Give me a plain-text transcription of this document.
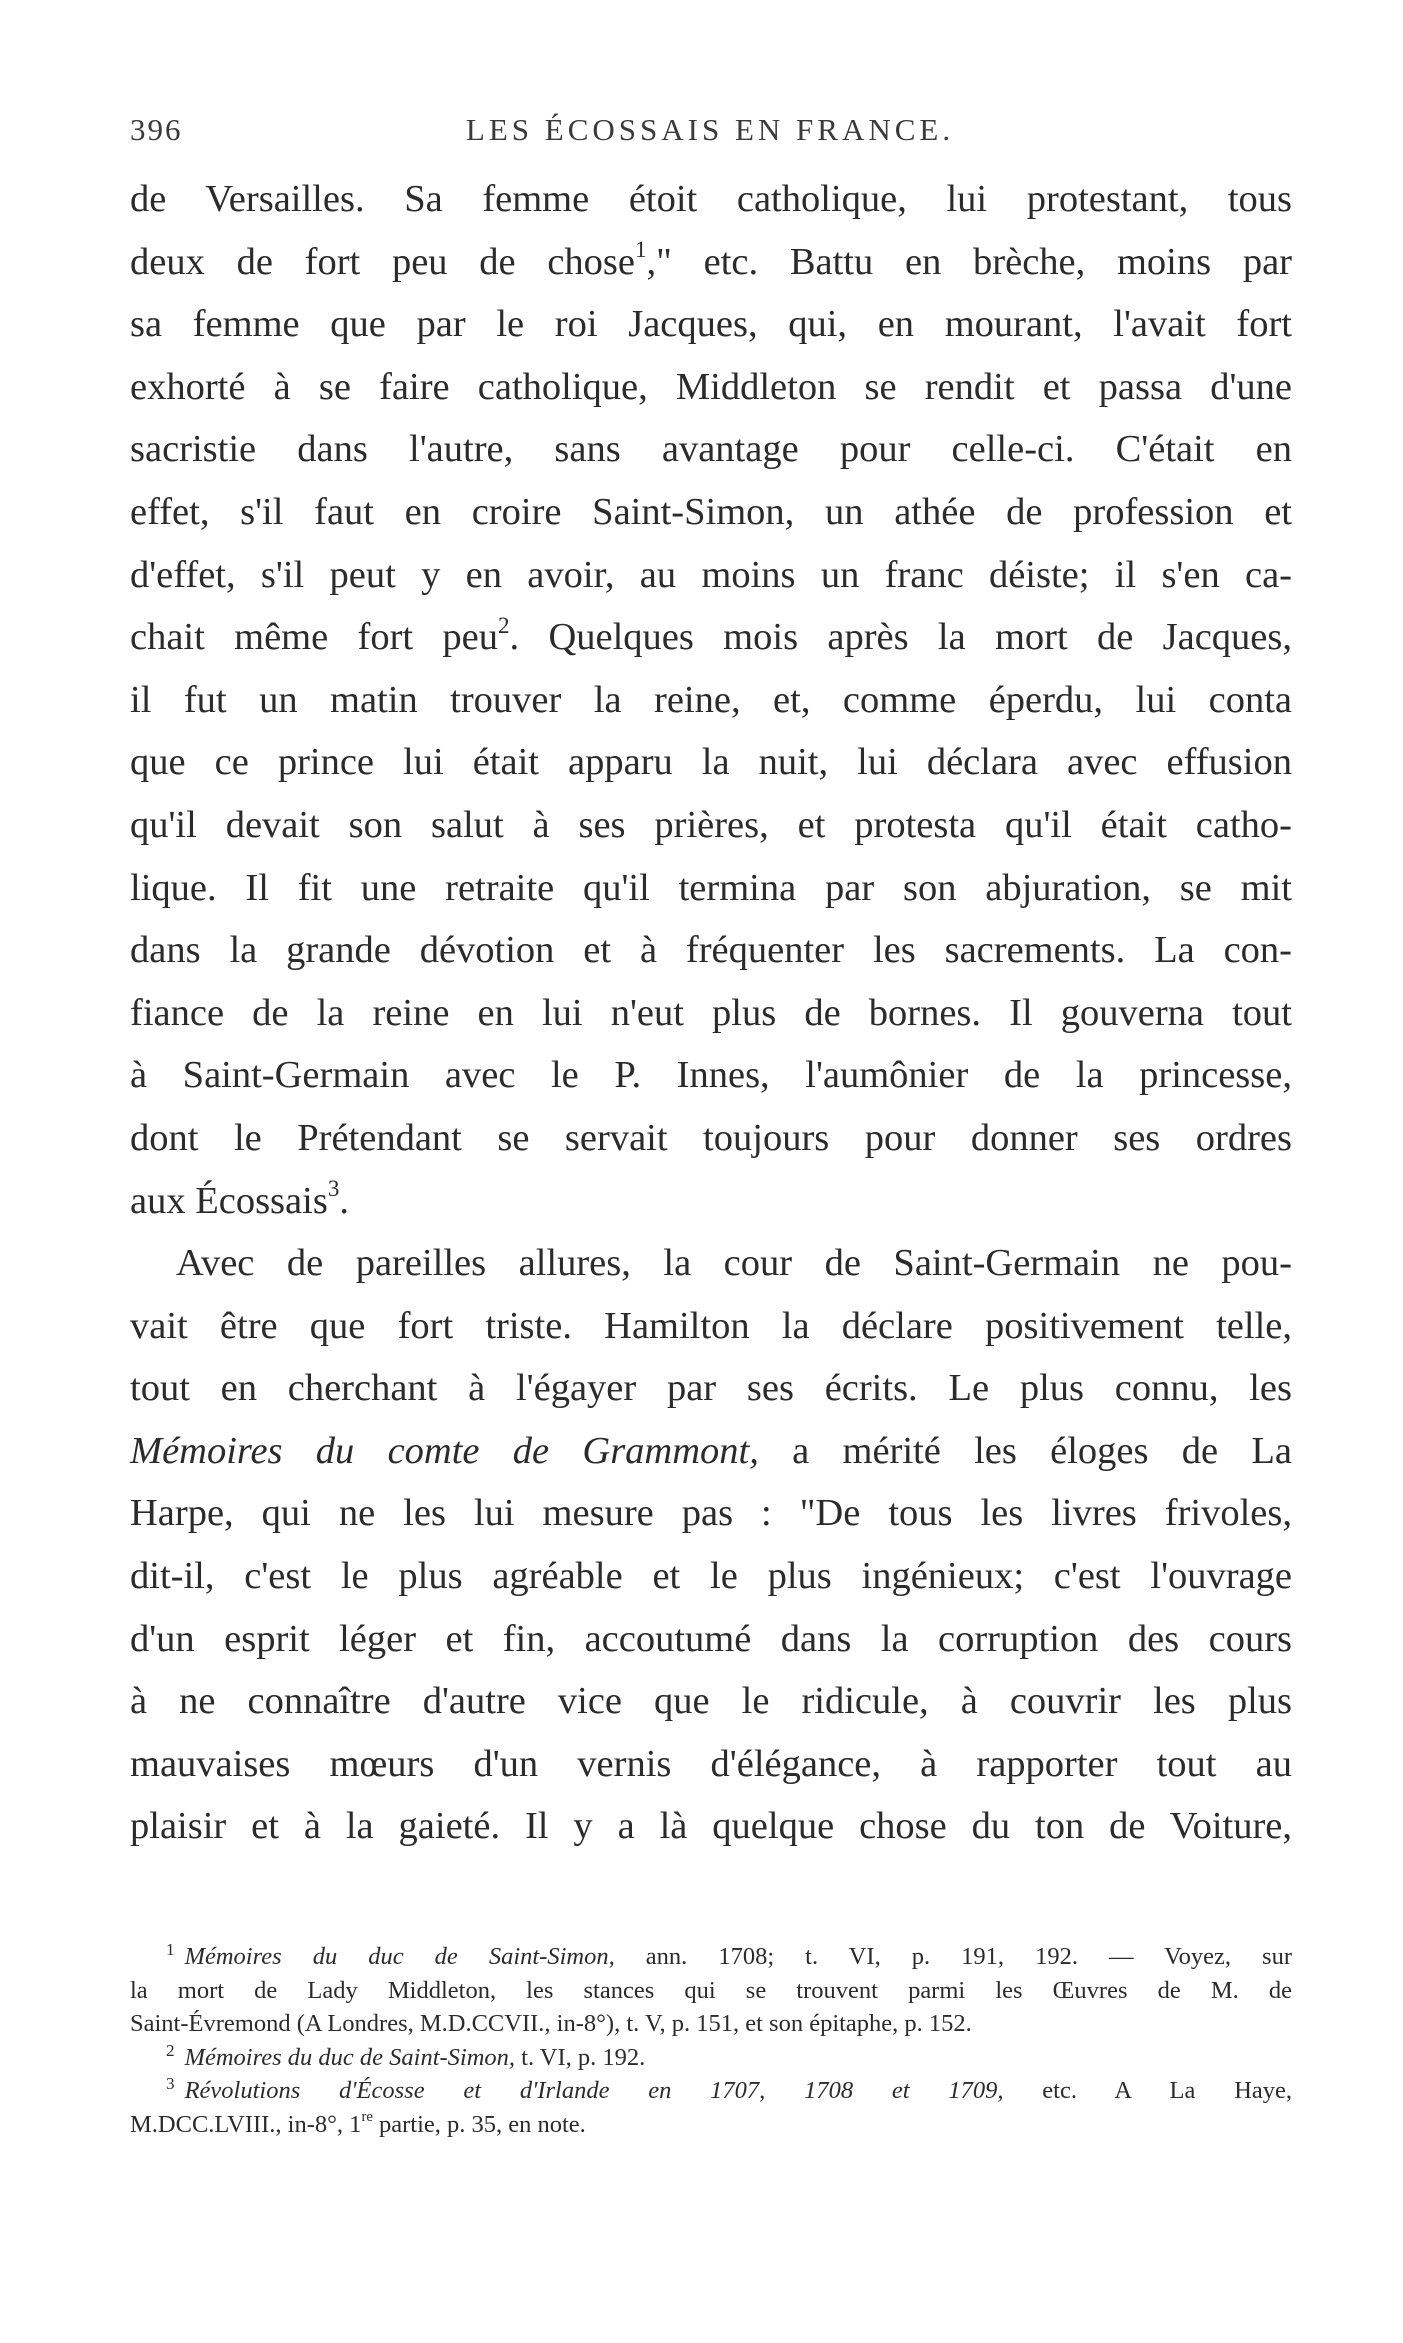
396	LES ÉCOSSAIS EN FRANCE.
de Versailles. Sa femme étoit catholique, lui protestant, tous
deux de fort peu de chose$^1$," etc. Battu en brèche, moins par
sa femme que par le roi Jacques, qui, en mourant, l'avait fort
exhorté à se faire catholique, Middleton se rendit et passa d'une
sacristie dans l'autre, sans avantage pour celle-ci. C'était en
effet, s'il faut en croire Saint-Simon, un athée de profession et
d'effet, s'il peut y en avoir, au moins un franc déiste; il s'en ca-
chait même fort peu$^2$. Quelques mois après la mort de Jacques,
il fut un matin trouver la reine, et, comme éperdu, lui conta
que ce prince lui était apparu la nuit, lui déclara avec effusion
qu'il devait son salut à ses prières, et protesta qu'il était catho-
lique. Il fit une retraite qu'il termina par son abjuration, se mit
dans la grande dévotion et à fréquenter les sacrements. La con-
fiance de la reine en lui n'eut plus de bornes. Il gouverna tout
à Saint-Germain avec le P. Innes, l'aumônier de la princesse,
dont le Prétendant se servait toujours pour donner ses ordres
aux Écossais$^3$.
Avec de pareilles allures, la cour de Saint-Germain ne pou-
vait être que fort triste. Hamilton la déclare positivement telle,
tout en cherchant à l'égayer par ses écrits. Le plus connu, les
Mémoires du comte de Grammont, a mérité les éloges de La
Harpe, qui ne les lui mesure pas : "De tous les livres frivoles,
dit-il, c'est le plus agréable et le plus ingénieux; c'est l'ouvrage
d'un esprit léger et fin, accoutumé dans la corruption des cours
à ne connaître d'autre vice que le ridicule, à couvrir les plus
mauvaises mœurs d'un vernis d'élégance, à rapporter tout au
plaisir et à la gaieté. Il y a là quelque chose du ton de Voiture,
$^1$ Mémoires du duc de Saint-Simon, ann. 1708; t. VI, p. 191, 192. — Voyez, sur
la mort de Lady Middleton, les stances qui se trouvent parmi les Œuvres de M. de
Saint-Évremond (A Londres, M.D.CCVII., in-8°), t. V, p. 151, et son épitaphe, p. 152.
$^2$ Mémoires du duc de Saint-Simon, t. VI, p. 192.
$^3$ Révolutions d'Écosse et d'Irlande en 1707, 1708 et 1709, etc. A La Haye,
M.DCC.LVIII., in-8°, 1re partie, p. 35, en note.
